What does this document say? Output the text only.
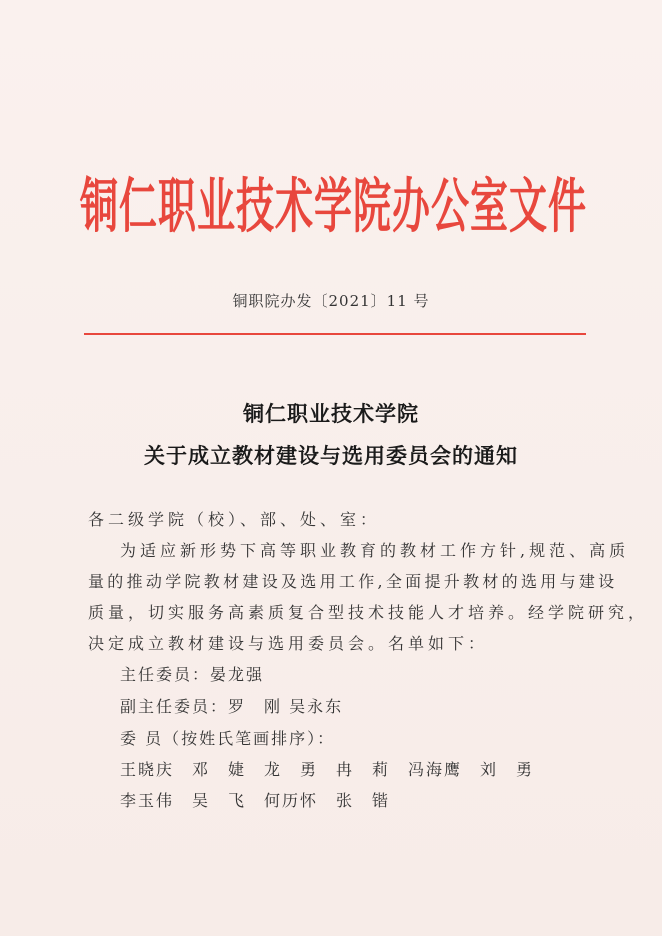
铜仁职业技术学院办公室文件
铜职院办发〔2021〕11 号
铜仁职业技术学院
关于成立教材建设与选用委员会的通知
各二级学院（校）、部、处、室：
为适应新形势下高等职业教育的教材工作方针,规范、高质
量的推动学院教材建设及选用工作,全面提升教材的选用与建设
质量，切实服务高素质复合型技术技能人才培养。经学院研究，
决定成立教材建设与选用委员会。名单如下：
主任委员：晏龙强
副主任委员：罗　刚 吴永东
委 员（按姓氏笔画排序）：
王晓庆　邓　婕　龙　勇　冉　莉　冯海鹰　刘　勇
李玉伟　吴　飞　何历怀　张　锴
